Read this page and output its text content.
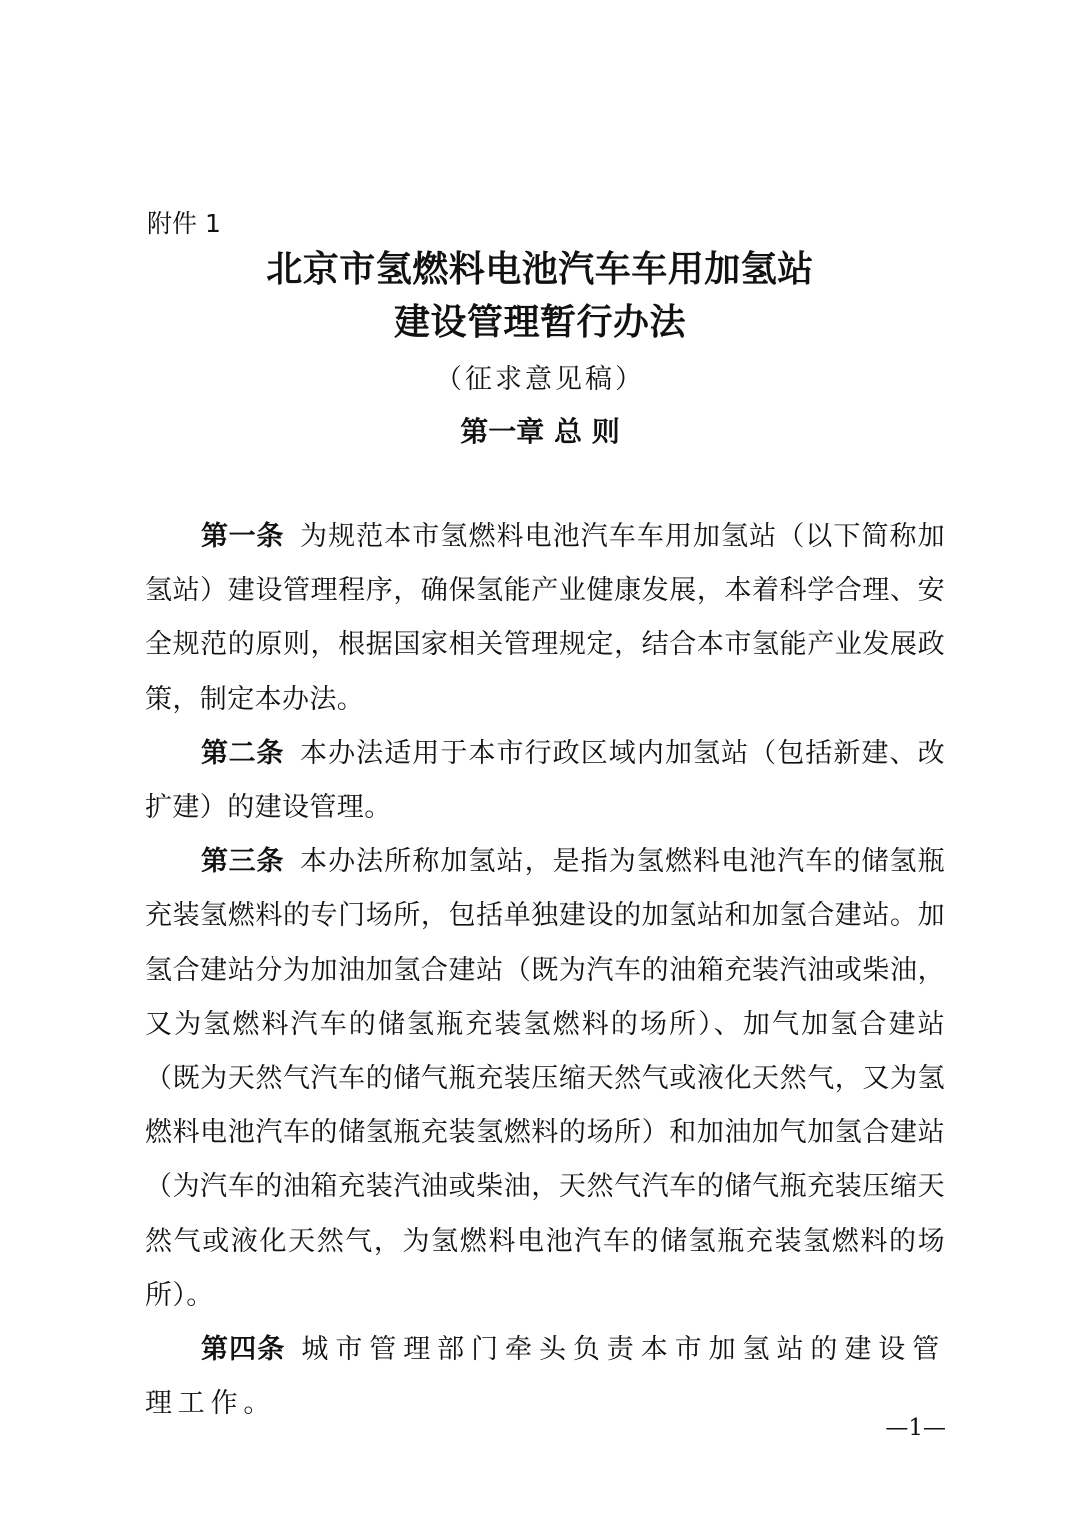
附件 1

北京市氢燃料电池汽车车用加氢站
建设管理暂行办法

（征求意见稿）

第一章 总 则

第一条 为规范本市氢燃料电池汽车车用加氢站（以下简称加氢站）建设管理程序，确保氢能产业健康发展，本着科学合理、安全规范的原则，根据国家相关管理规定，结合本市氢能产业发展政策，制定本办法。

第二条 本办法适用于本市行政区域内加氢站（包括新建、改扩建）的建设管理。

第三条 本办法所称加氢站，是指为氢燃料电池汽车的储氢瓶充装氢燃料的专门场所，包括单独建设的加氢站和加氢合建站。加氢合建站分为加油加氢合建站（既为汽车的油箱充装汽油或柴油，又为氢燃料汽车的储氢瓶充装氢燃料的场所）、加气加氢合建站（既为天然气汽车的储气瓶充装压缩天然气或液化天然气，又为氢燃料电池汽车的储氢瓶充装氢燃料的场所）和加油加气加氢合建站（为汽车的油箱充装汽油或柴油，天然气汽车的储气瓶充装压缩天然气或液化天然气，为氢燃料电池汽车的储氢瓶充装氢燃料的场所）。

第四条 城市管理部门牵头负责本市加氢站的建设管理工作。

—1—
